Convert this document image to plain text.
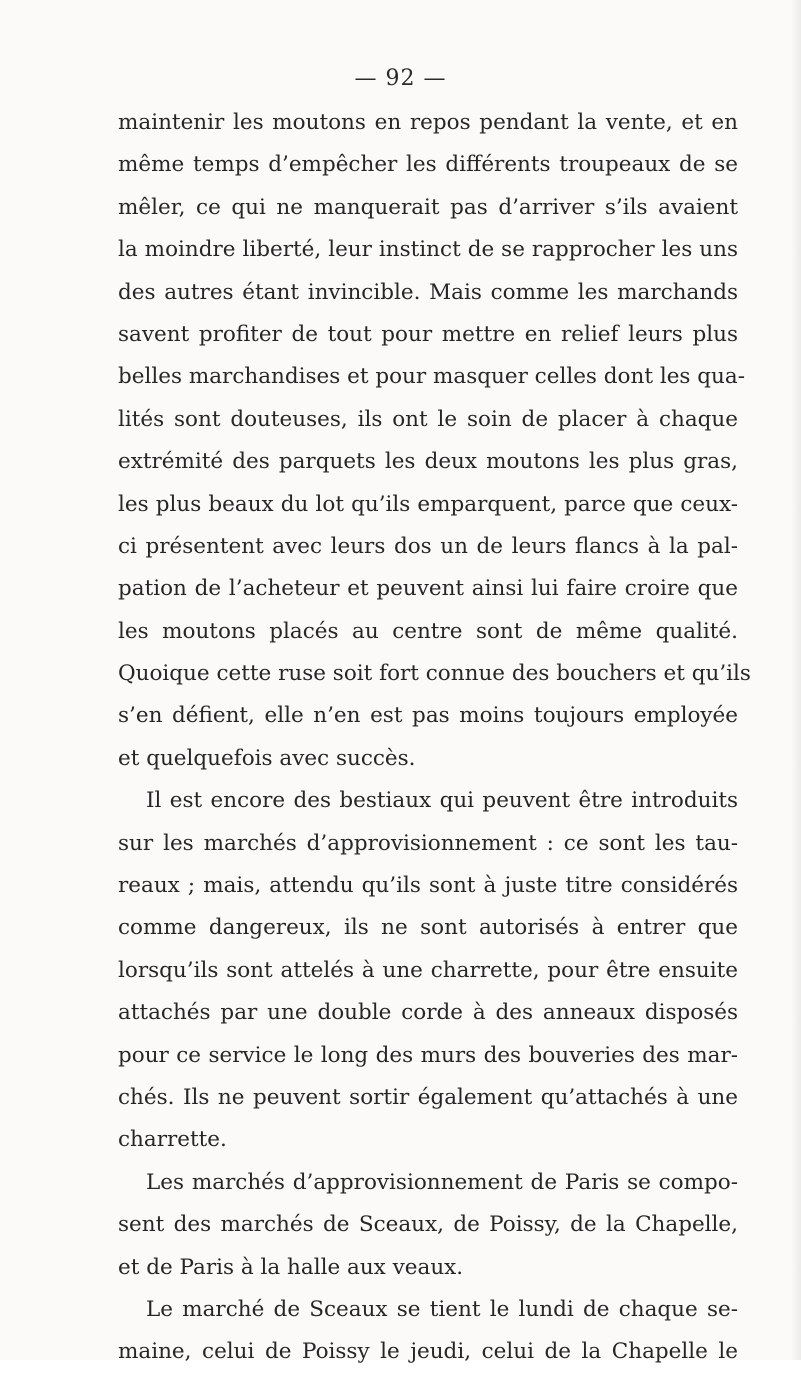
— 92 —
maintenir les moutons en repos pendant la vente, et en
même temps d’empêcher les différents troupeaux de se
mêler, ce qui ne manquerait pas d’arriver s’ils avaient
la moindre liberté, leur instinct de se rapprocher les uns
des autres étant invincible. Mais comme les marchands
savent profiter de tout pour mettre en relief leurs plus
belles marchandises et pour masquer celles dont les qua-
lités sont douteuses, ils ont le soin de placer à chaque
extrémité des parquets les deux moutons les plus gras,
les plus beaux du lot qu’ils emparquent, parce que ceux-
ci présentent avec leurs dos un de leurs flancs à la pal-
pation de l’acheteur et peuvent ainsi lui faire croire que
les moutons placés au centre sont de même qualité.
Quoique cette ruse soit fort connue des bouchers et qu’ils
s’en défient, elle n’en est pas moins toujours employée
et quelquefois avec succès.
Il est encore des bestiaux qui peuvent être introduits
sur les marchés d’approvisionnement : ce sont les tau-
reaux ; mais, attendu qu’ils sont à juste titre considérés
comme dangereux, ils ne sont autorisés à entrer que
lorsqu’ils sont attelés à une charrette, pour être ensuite
attachés par une double corde à des anneaux disposés
pour ce service le long des murs des bouveries des mar-
chés. Ils ne peuvent sortir également qu’attachés à une
charrette.
Les marchés d’approvisionnement de Paris se compo-
sent des marchés de Sceaux, de Poissy, de la Chapelle,
et de Paris à la halle aux veaux.
Le marché de Sceaux se tient le lundi de chaque se-
maine, celui de Poissy le jeudi, celui de la Chapelle le
